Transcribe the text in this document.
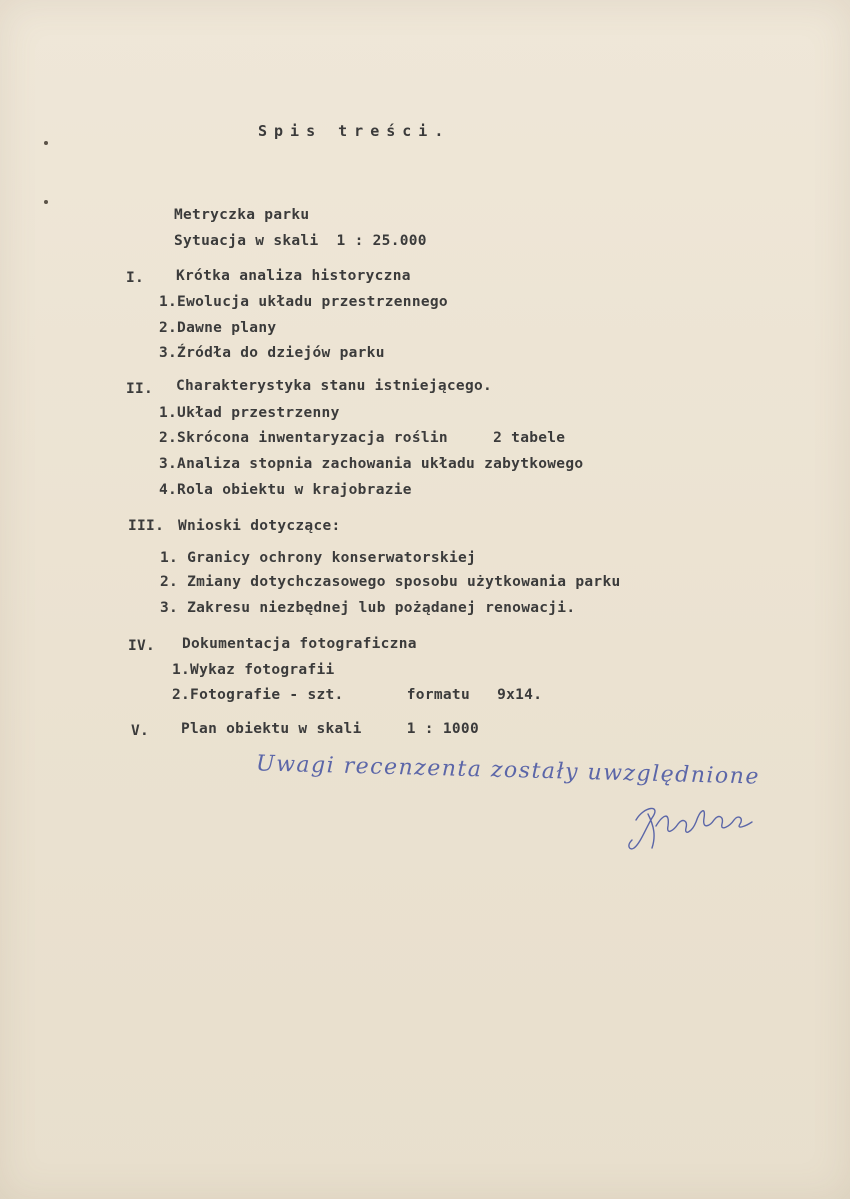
Spis treści.
Metryczka parku
Sytuacja w skali  1 : 25.000
I. Krótka analiza historyczna
1.Ewolucja układu przestrzennego
2.Dawne plany
3.Źródła do dziejów parku
II. Charakterystyka stanu istniejącego.
1.Układ przestrzenny
2.Skrócona inwentaryzacja roślin     2 tabele
3.Analiza stopnia zachowania układu zabytkowego
4.Rola obiektu w krajobrazie
III. Wnioski dotyczące:
1. Granicy ochrony konserwatorskiej
2. Zmiany dotychczasowego sposobu użytkowania parku
3. Zakresu niezbędnej lub pożądanej renowacji.
IV. Dokumentacja fotograficzna
1.Wykaz fotografii
2.Fotografie - szt.       formatu   9x14.
V. Plan obiektu w skali     1 : 1000
Uwagi recenzenta zostały uwzględnione
